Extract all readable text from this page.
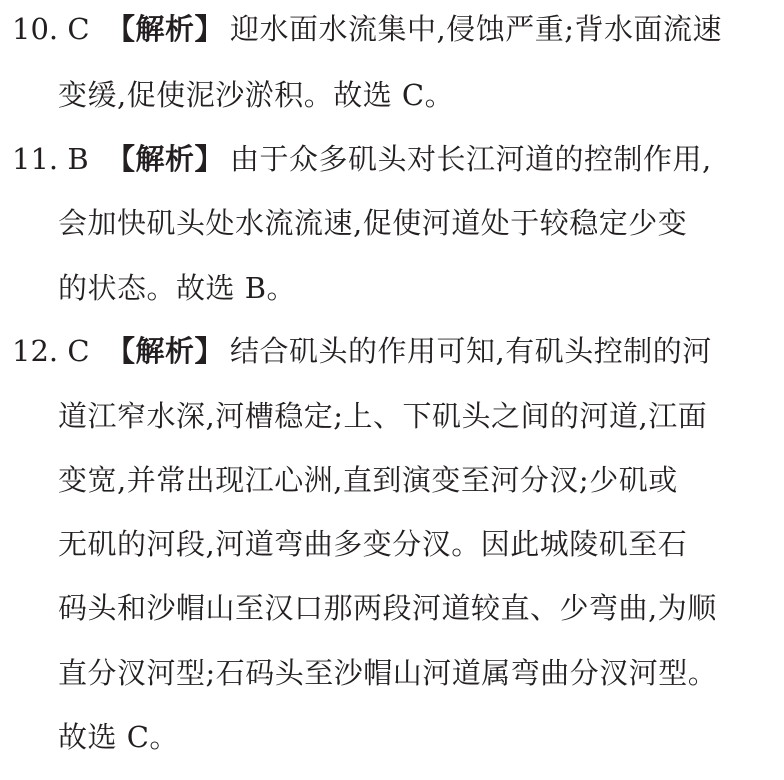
10. C 【解析】 迎水面水流集中,侵蚀严重;背水面流速
变缓,促使泥沙淤积。故选 C。
11. B 【解析】 由于众多矶头对长江河道的控制作用,
会加快矶头处水流流速,促使河道处于较稳定少变
的状态。故选 B。
12. C 【解析】 结合矶头的作用可知,有矶头控制的河
道江窄水深,河槽稳定;上、下矶头之间的河道,江面
变宽,并常出现江心洲,直到演变至河分汊;少矶或
无矶的河段,河道弯曲多变分汊。因此城陵矶至石
码头和沙帽山至汉口那两段河道较直、少弯曲,为顺
直分汊河型;石码头至沙帽山河道属弯曲分汊河型。
故选 C。
